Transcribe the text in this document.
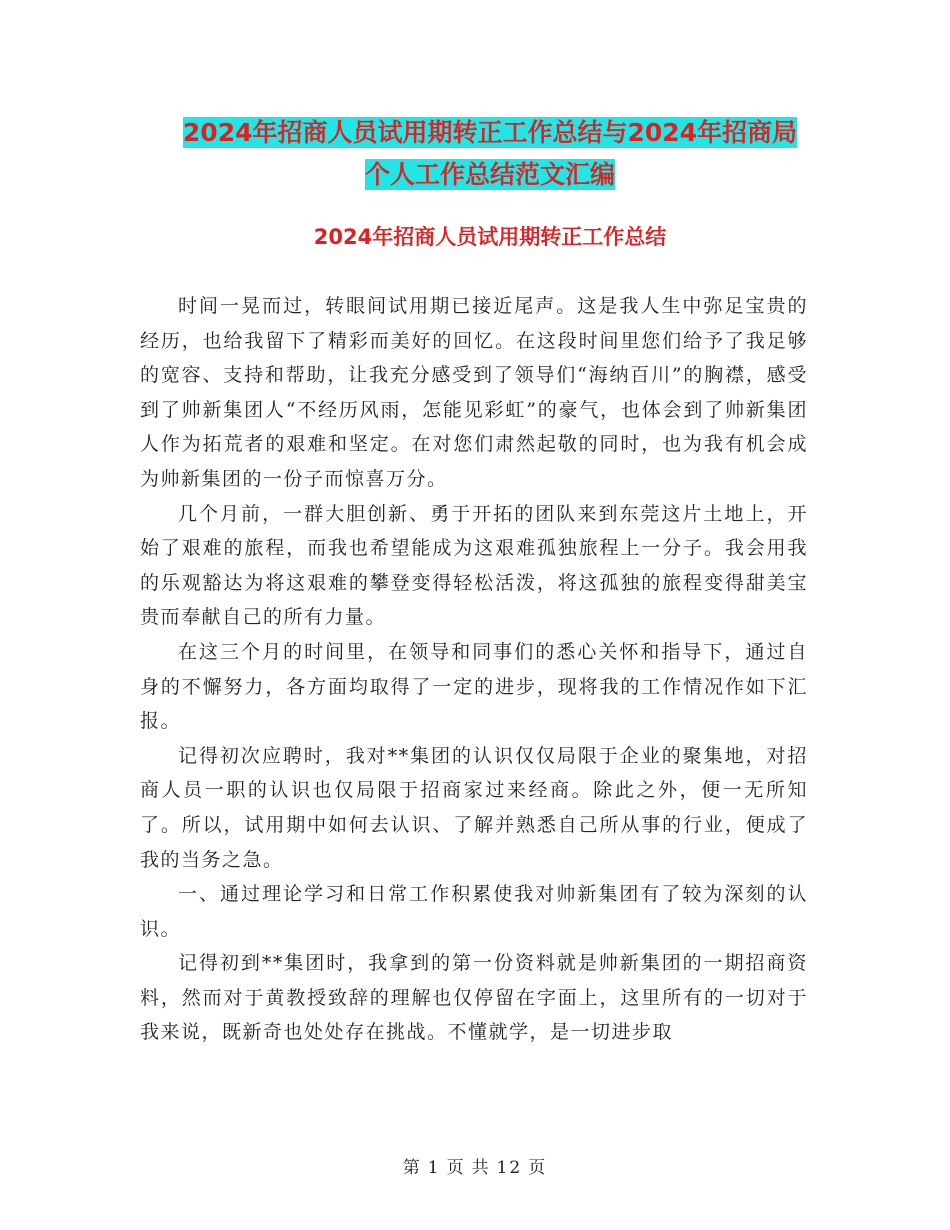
2024年招商人员试用期转正工作总结与2024年招商局
个人工作总结范文汇编
2024年招商人员试用期转正工作总结

时间一晃而过，转眼间试用期已接近尾声。这是我人生中弥足宝贵的经历，也给我留下了精彩而美好的回忆。在这段时间里您们给予了我足够的宽容、支持和帮助，让我充分感受到了领导们“海纳百川”的胸襟，感受到了帅新集团人“不经历风雨，怎能见彩虹”的豪气，也体会到了帅新集团人作为拓荒者的艰难和坚定。在对您们肃然起敬的同时，也为我有机会成为帅新集团的一份子而惊喜万分。

几个月前，一群大胆创新、勇于开拓的团队来到东莞这片土地上，开始了艰难的旅程，而我也希望能成为这艰难孤独旅程上一分子。我会用我的乐观豁达为将这艰难的攀登变得轻松活泼，将这孤独的旅程变得甜美宝贵而奉献自己的所有力量。

在这三个月的时间里，在领导和同事们的悉心关怀和指导下，通过自身的不懈努力，各方面均取得了一定的进步，现将我的工作情况作如下汇报。

记得初次应聘时，我对**集团的认识仅仅局限于企业的聚集地，对招商人员一职的认识也仅局限于招商家过来经商。除此之外，便一无所知了。所以，试用期中如何去认识、了解并熟悉自己所从事的行业，便成了我的当务之急。

一、通过理论学习和日常工作积累使我对帅新集团有了较为深刻的认识。

记得初到**集团时，我拿到的第一份资料就是帅新集团的一期招商资料，然而对于黄教授致辞的理解也仅停留在字面上，这里所有的一切对于我来说，既新奇也处处存在挑战。不懂就学，是一切进步取

第 1 页 共 12 页
